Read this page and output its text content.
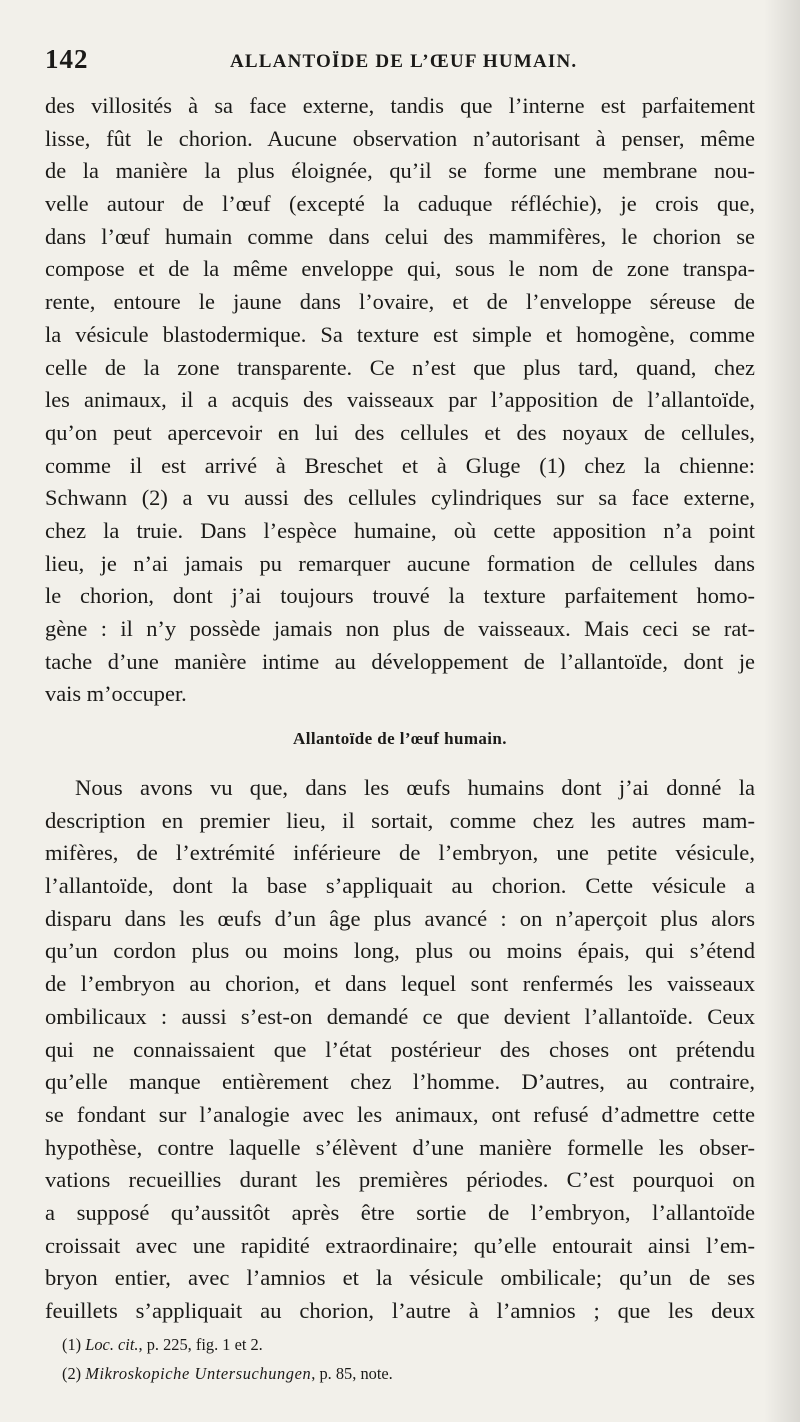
142	ALLANTOÏDE DE L’ŒUF HUMAIN.
des villosités à sa face externe, tandis que l’interne est parfaitement
lisse, fût le chorion. Aucune observation n’autorisant à penser, même
de la manière la plus éloignée, qu’il se forme une membrane nou-
velle autour de l’œuf (excepté la caduque réfléchie), je crois que,
dans l’œuf humain comme dans celui des mammifères, le chorion se
compose et de la même enveloppe qui, sous le nom de zone transpa-
rente, entoure le jaune dans l’ovaire, et de l’enveloppe séreuse de
la vésicule blastodermique. Sa texture est simple et homogène, comme
celle de la zone transparente. Ce n’est que plus tard, quand, chez
les animaux, il a acquis des vaisseaux par l’apposition de l’allantoïde,
qu’on peut apercevoir en lui des cellules et des noyaux de cellules,
comme il est arrivé à Breschet et à Gluge (1) chez la chienne:
Schwann (2) a vu aussi des cellules cylindriques sur sa face externe,
chez la truie. Dans l’espèce humaine, où cette apposition n’a point
lieu, je n’ai jamais pu remarquer aucune formation de cellules dans
le chorion, dont j’ai toujours trouvé la texture parfaitement homo-
gène : il n’y possède jamais non plus de vaisseaux. Mais ceci se rat-
tache d’une manière intime au développement de l’allantoïde, dont je
vais m’occuper.
Allantoïde de l’œuf humain.
Nous avons vu que, dans les œufs humains dont j’ai donné la
description en premier lieu, il sortait, comme chez les autres mam-
mifères, de l’extrémité inférieure de l’embryon, une petite vésicule,
l’allantoïde, dont la base s’appliquait au chorion. Cette vésicule a
disparu dans les œufs d’un âge plus avancé : on n’aperçoit plus alors
qu’un cordon plus ou moins long, plus ou moins épais, qui s’étend
de l’embryon au chorion, et dans lequel sont renfermés les vaisseaux
ombilicaux : aussi s’est-on demandé ce que devient l’allantoïde. Ceux
qui ne connaissaient que l’état postérieur des choses ont prétendu
qu’elle manque entièrement chez l’homme. D’autres, au contraire,
se fondant sur l’analogie avec les animaux, ont refusé d’admettre cette
hypothèse, contre laquelle s’élèvent d’une manière formelle les obser-
vations recueillies durant les premières périodes. C’est pourquoi on
a supposé qu’aussitôt après être sortie de l’embryon, l’allantoïde
croissait avec une rapidité extraordinaire; qu’elle entourait ainsi l’em-
bryon entier, avec l’amnios et la vésicule ombilicale; qu’un de ses
feuillets s’appliquait au chorion, l’autre à l’amnios ; que les deux
(1) Loc. cit., p. 225, fig. 1 et 2.
(2) Mikroskopiche Untersuchungen, p. 85, note.
